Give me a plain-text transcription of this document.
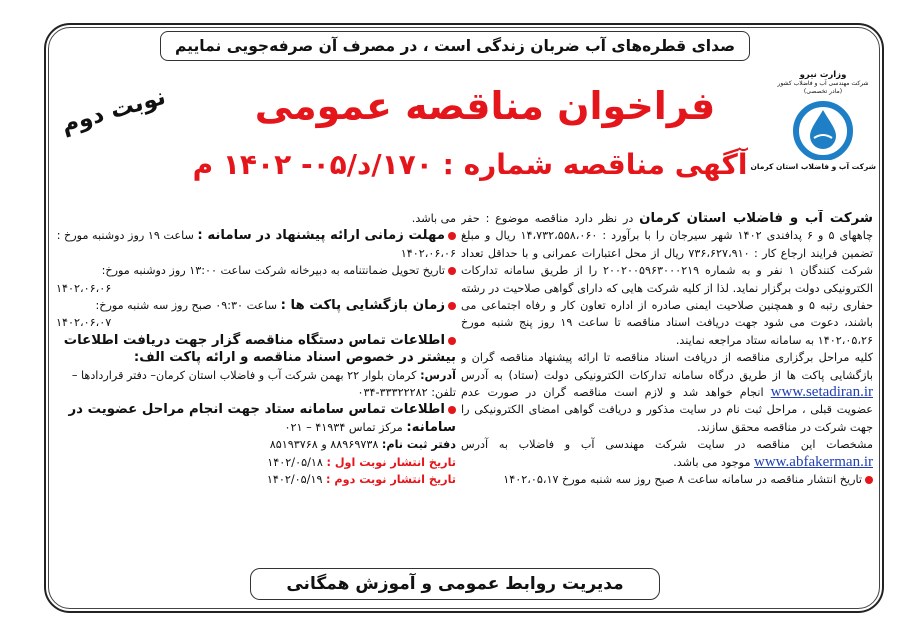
صدای قطره‌های آب ضربان زندگی است ، در مصرف آن صرفه‌جویی نماییم
وزارت نیرو
شرکت مهندسی آب و فاضلاب کشور
(مادر تخصصی)
شرکت آب و فاضلاب استان کرمان
فراخوان مناقصه عمومی
آگهی مناقصه شماره : ۱۷۰/د/۰۵- ۱۴۰۲ م
نوبت دوم

شرکت آب و فاضلاب استان کرمان در نظر دارد مناقصه موضوع : حفر چاههای ۵ و ۶ پدافندی ۱۴۰۲ شهر سیرجان را با برآورد : ۱۴،۷۳۲،۵۵۸،۰۶۰ ریال و مبلغ تضمین فرایند ارجاع کار : ۷۳۶،۶۲۷،۹۱۰ ریال از محل اعتبارات عمرانی و با حداقل تعداد شرکت کنندگان ۱ نفر و به شماره ۲۰۰۲۰۰۵۹۶۳۰۰۰۲۱۹ را از طریق سامانه تدارکات الکترونیکی دولت برگزار نماید. لذا از کلیه شرکت هایی که دارای گواهی صلاحیت در رشته حفاری رتبه ۵ و همچنین صلاحیت ایمنی صادره از اداره تعاون کار و رفاه اجتماعی می باشند، دعوت می شود جهت دریافت اسناد مناقصه تا ساعت ۱۹ روز پنج شنبه مورخ ۱۴۰۲،۰۵،۲۶ به سامانه ستاد مراجعه نمایند.

کلیه مراحل برگزاری مناقصه از دریافت اسناد مناقصه تا ارائه پیشنهاد مناقصه گران و بازگشایی پاکت ها از طریق درگاه سامانه تدارکات الکترونیکی دولت (ستاد) به آدرس www.setadiran.ir انجام خواهد شد و لازم است مناقصه گران در صورت عدم عضویت قبلی ، مراحل ثبت نام در سایت مذکور و دریافت گواهی امضای الکترونیکی را جهت شرکت در مناقصه محقق سازند.

مشخصات این مناقصه در سایت شرکت مهندسی آب و فاضلاب به آدرس www.abfakerman.ir موجود می باشد.

تاریخ انتشار مناقصه در سامانه ساعت ۸ صبح روز سه شنبه مورخ ۱۴۰۲،۰۵،۱۷

می باشد.

مهلت زمانی ارائه پیشنهاد در سامانه : ساعت ۱۹ روز دوشنبه مورخ : ۱۴۰۲،۰۶،۰۶

تاریخ تحویل ضمانتنامه به دبیرخانه شرکت ساعت ۱۳:۰۰ روز دوشنبه مورخ:

۱۴۰۲،۰۶،۰۶

زمان بازگشایی پاکت ها : ساعت ۰۹:۳۰ صبح روز سه شنبه مورخ:

۱۴۰۲،۰۶،۰۷

اطلاعات تماس دستگاه مناقصه گزار جهت دریافت اطلاعات بیشتر در خصوص اسناد مناقصه و ارائه پاکت الف:

آدرس: کرمان بلوار ۲۲ بهمن شرکت آب و فاضلاب استان کرمان– دفتر قراردادها – تلفن: ۳۳۳۲۲۲۸۲-۰۳۴

اطلاعات تماس سامانه ستاد جهت انجام مراحل عضویت در سامانه: مرکز تماس ۴۱۹۳۴ – ۰۲۱

دفتر ثبت نام: ۸۸۹۶۹۷۳۸ و ۸۵۱۹۳۷۶۸

تاریخ انتشار نوبت اول : ۱۴۰۲/۰۵/۱۸

تاریخ انتشار نوبت دوم : ۱۴۰۲/۰۵/۱۹

مدیریت روابط عمومی و آموزش همگانی
